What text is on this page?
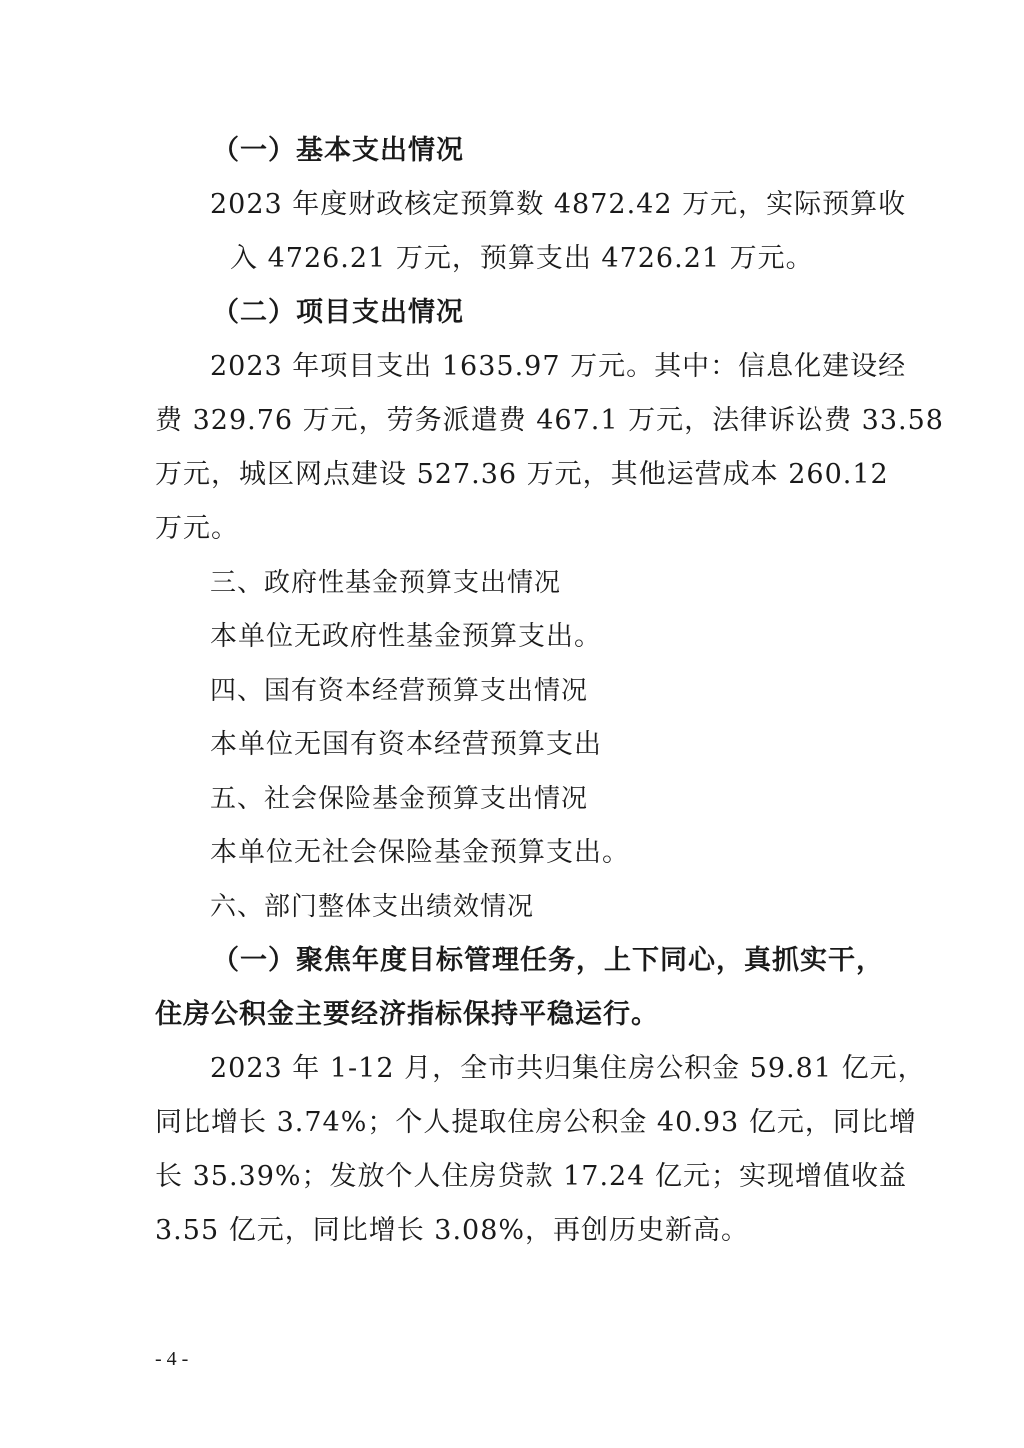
（一）基本支出情况
2023 年度财政核定预算数 4872.42 万元，实际预算收
入 4726.21 万元，预算支出 4726.21 万元。
（二）项目支出情况
2023 年项目支出 1635.97 万元。其中：信息化建设经
费 329.76 万元，劳务派遣费 467.1 万元，法律诉讼费 33.58
万元，城区网点建设 527.36 万元，其他运营成本 260.12
万元。
三、政府性基金预算支出情况
本单位无政府性基金预算支出。
四、国有资本经营预算支出情况
本单位无国有资本经营预算支出
五、社会保险基金预算支出情况
本单位无社会保险基金预算支出。
六、部门整体支出绩效情况
（一）聚焦年度目标管理任务，上下同心，真抓实干，
住房公积金主要经济指标保持平稳运行。
2023 年 1-12 月，全市共归集住房公积金 59.81 亿元，
同比增长 3.74%；个人提取住房公积金 40.93 亿元，同比增
长 35.39%；发放个人住房贷款 17.24 亿元；实现增值收益
3.55 亿元，同比增长 3.08%，再创历史新高。
- 4 -
